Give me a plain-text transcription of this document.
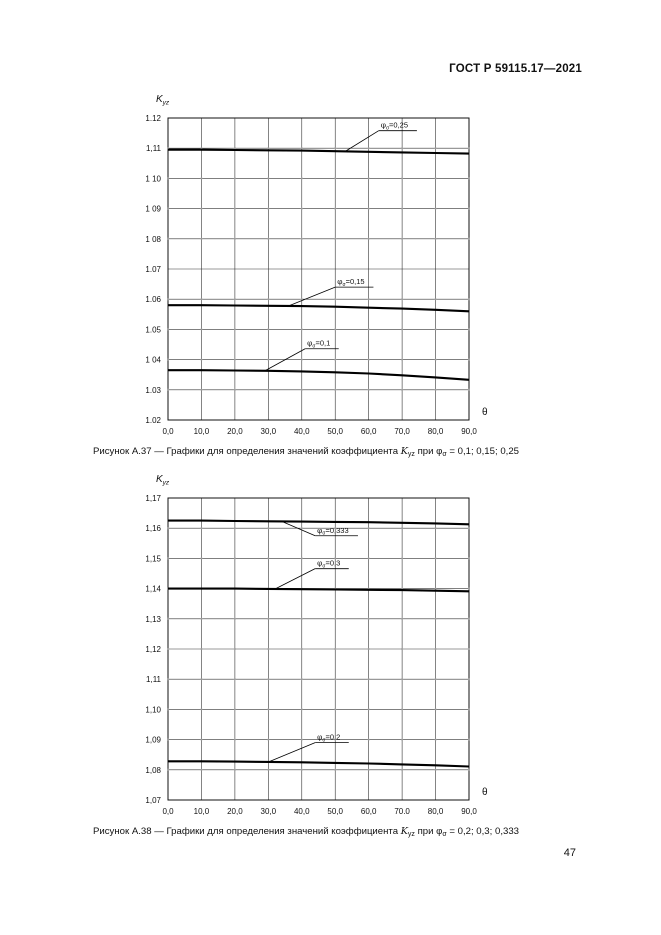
ГОСТ Р 59115.17—2021
0,0	10,0 20,0 30,0 40,0 50,0 60,0 70,0 80,0 90,0
1.02
1.03
1 04
1.05
1.06
1.07
1 08
1 09
1 10
1,11
1.12
$K_{yz}$
θ
$\varphi_\sigma=0,25$
$\varphi_\sigma=0,15$
$\varphi_\sigma=0,1$
Рисунок А.37 — Графики для определения значений коэффициента $K_{yz}$ при $\varphi_\sigma = 0,1$; 0,15; 0,25
0,0	10,0 20,0 30,0 40,0 50,0 60,0 70.0 80,0 90,0
1,07
1,08
1,09
1,10
1,11
1,12
1,13
1,14
1,15
1,16
1,17
$K_{yz}$
θ
$\varphi_\sigma=0,333$
$\varphi_\sigma=0,3$
$\varphi_\sigma=0.2$
Рисунок А.38 — Графики для определения значений коэффициента $K_{yz}$ при $\varphi_\sigma = 0,2$; 0,3; 0,333
47
